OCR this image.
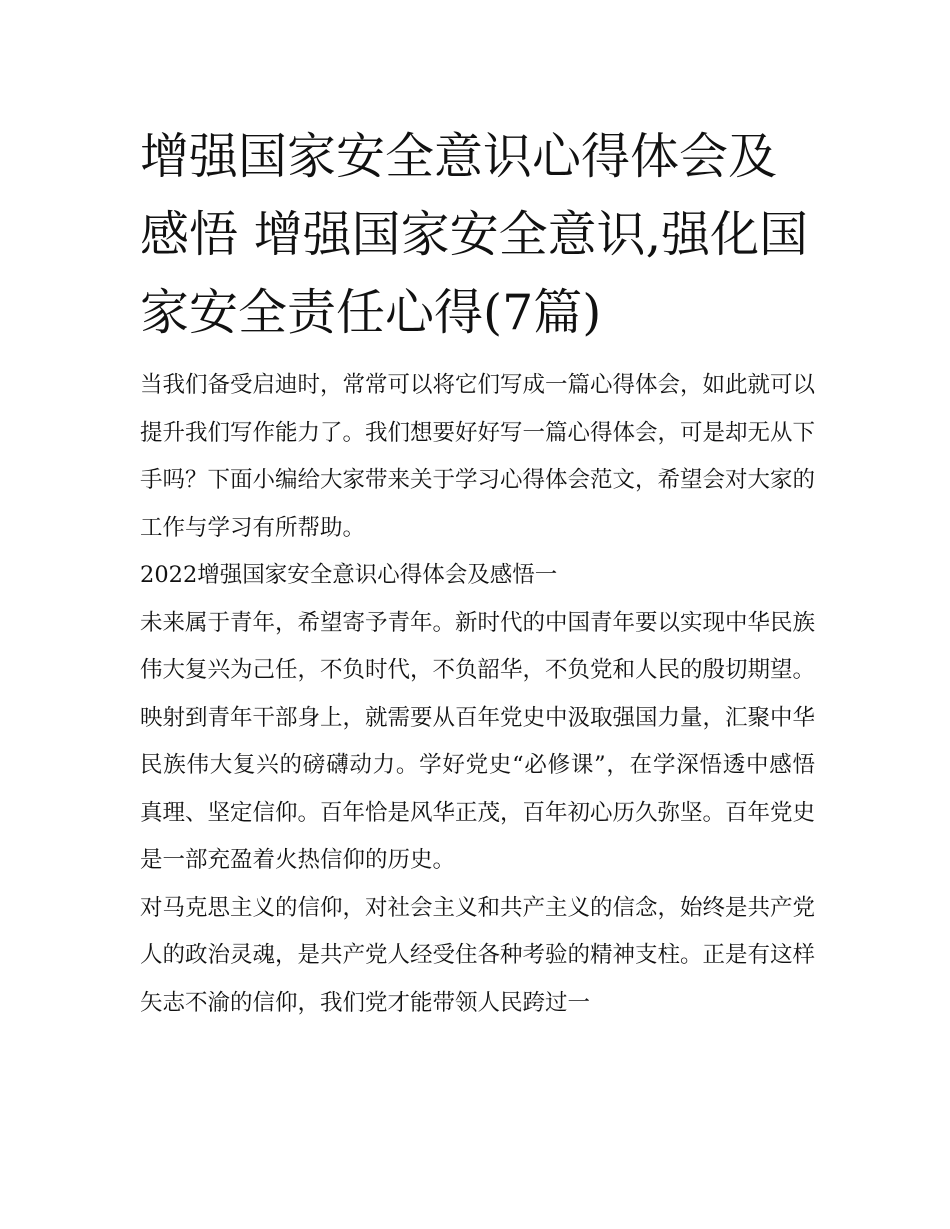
增强国家安全意识心得体会及感悟 增强国家安全意识,强化国家安全责任心得(7篇)

当我们备受启迪时，常常可以将它们写成一篇心得体会，如此就可以提升我们写作能力了。我们想要好好写一篇心得体会，可是却无从下手吗？下面小编给大家带来关于学习心得体会范文，希望会对大家的工作与学习有所帮助。

2022增强国家安全意识心得体会及感悟一

未来属于青年，希望寄予青年。新时代的中国青年要以实现中华民族伟大复兴为己任，不负时代，不负韶华，不负党和人民的殷切期望。映射到青年干部身上，就需要从百年党史中汲取强国力量，汇聚中华民族伟大复兴的磅礴动力。学好党史“必修课”，在学深悟透中感悟真理、坚定信仰。百年恰是风华正茂，百年初心历久弥坚。百年党史是一部充盈着火热信仰的历史。

对马克思主义的信仰，对社会主义和共产主义的信念，始终是共产党人的政治灵魂，是共产党人经受住各种考验的精神支柱。正是有这样矢志不渝的信仰，我们党才能带领人民跨过一
